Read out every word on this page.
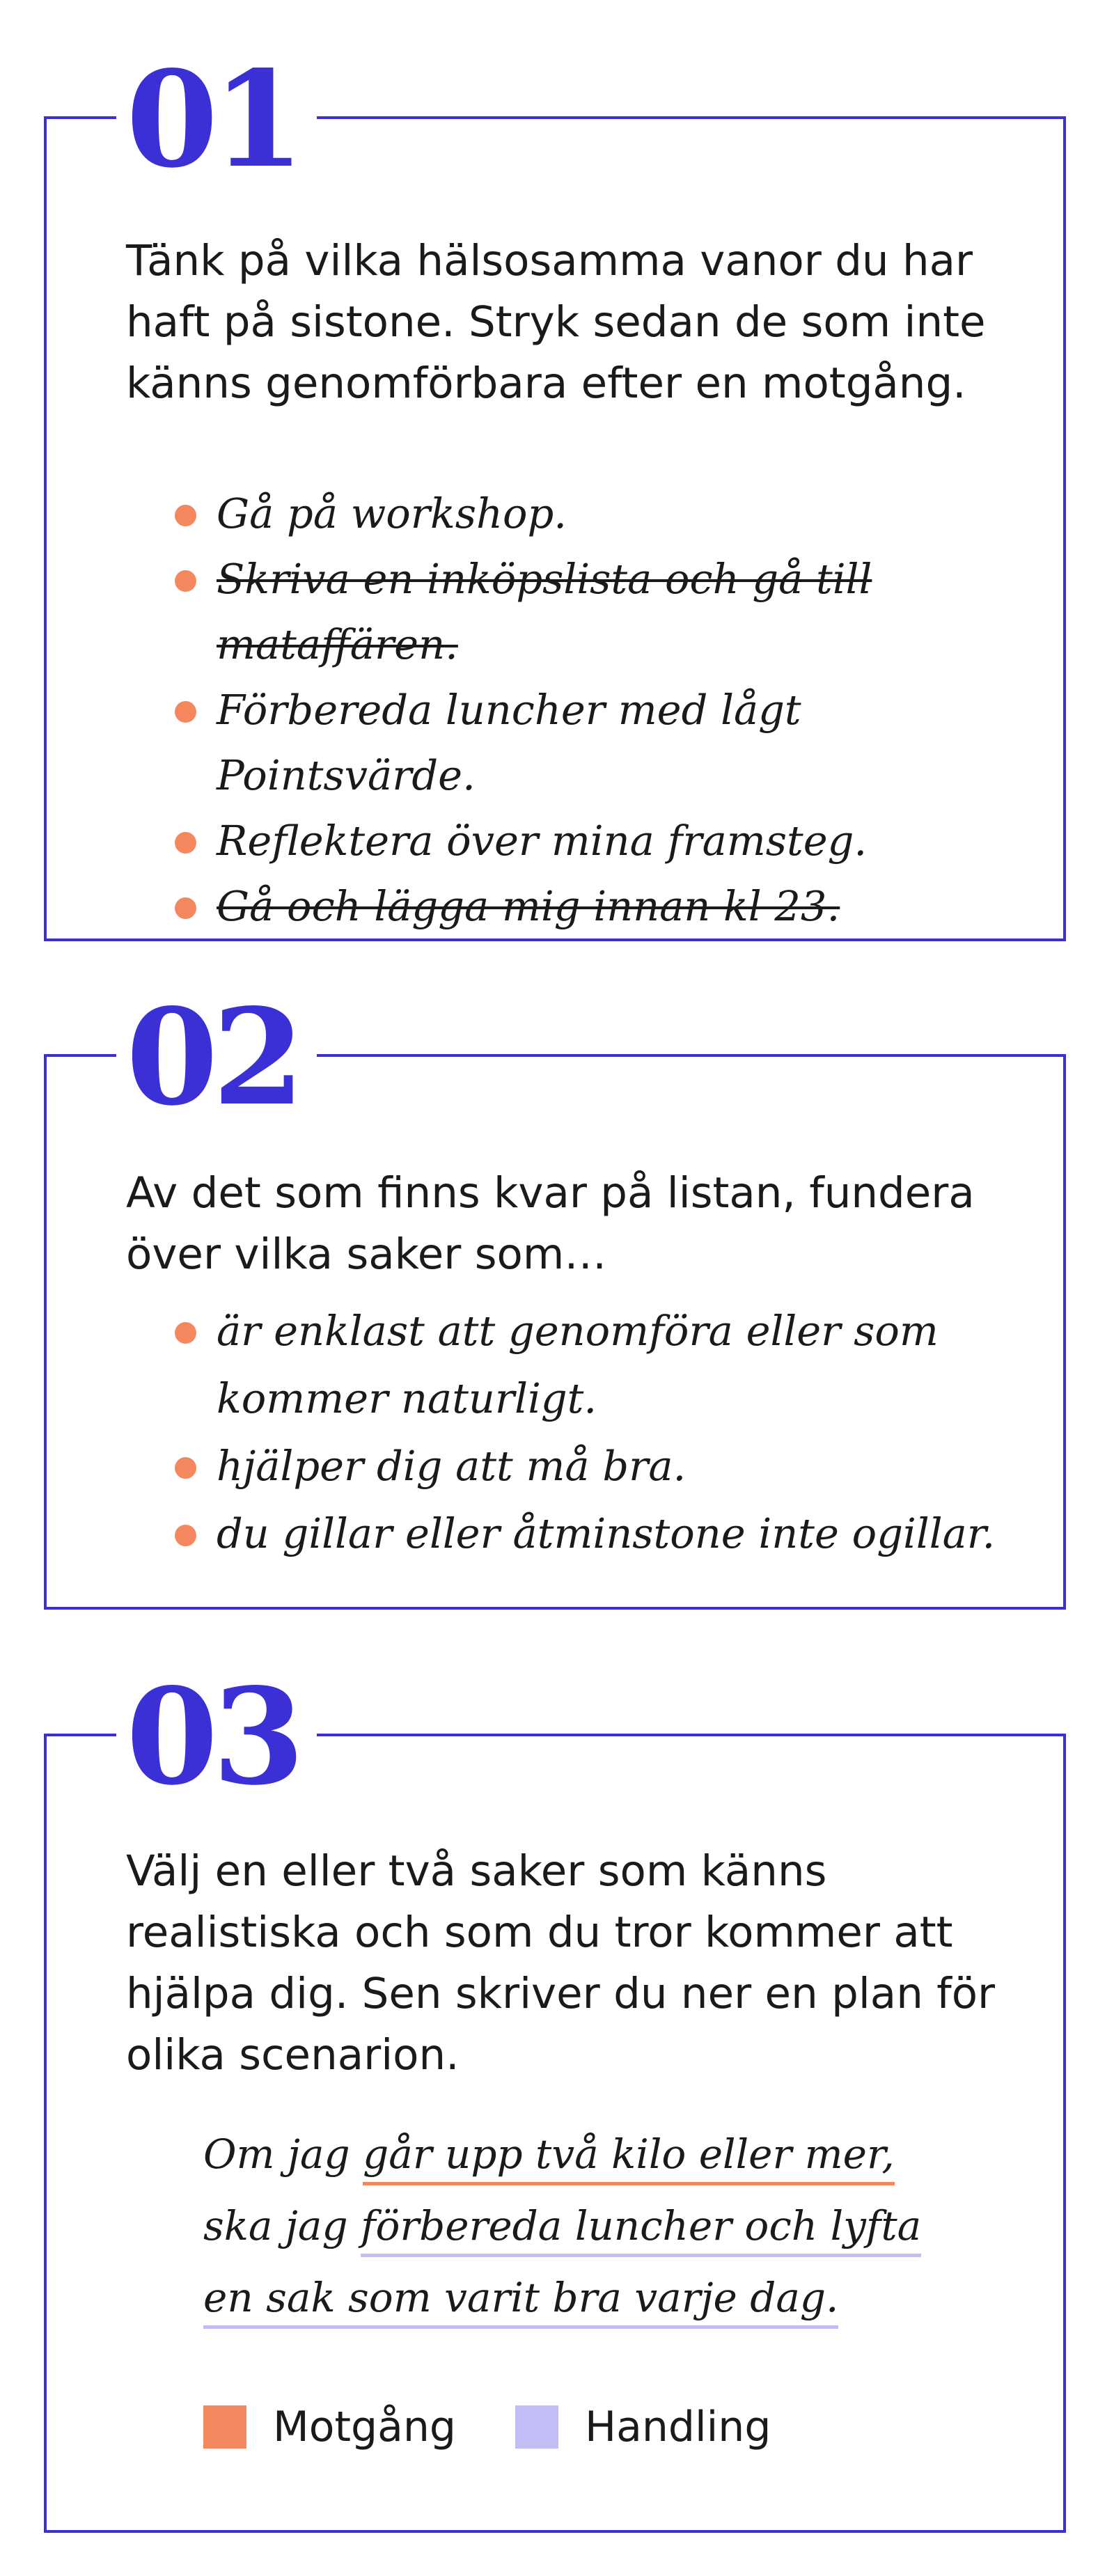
01

Tänk på vilka hälsosamma vanor du har haft på sistone. Stryk sedan de som inte känns genomförbara efter en motgång.

Gå på workshop.
Skriva en inköpslista och gå till mataffären.
Förbereda luncher med lågt Pointsvärde.
Reflektera över mina framsteg.
Gå och lägga mig innan kl 23.
02

Av det som finns kvar på listan, fundera över vilka saker som…

är enklast att genomföra eller som kommer naturligt.
hjälper dig att må bra.
du gillar eller åtminstone inte ogillar.
03

Välj en eller två saker som känns realistiska och som du tror kommer att hjälpa dig. Sen skriver du ner en plan för olika scenarion.

Om jag går upp två kilo eller mer,
ska jag förbereda luncher och lyfta
en sak som varit bra varje dag.
Motgång	Handling
